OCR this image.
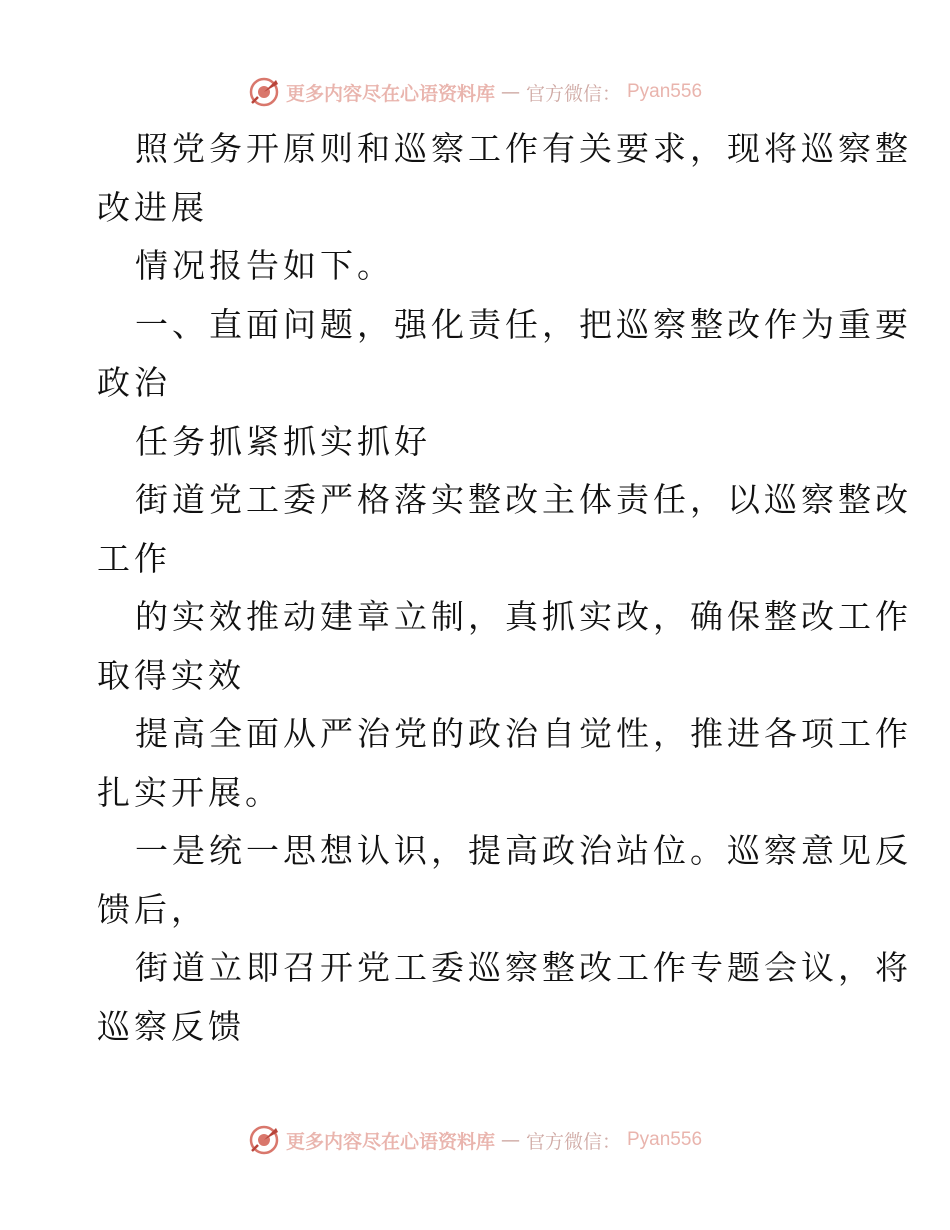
更多内容尽在心语资料库 — 官方微信： Pyan556
照党务开原则和巡察工作有关要求，现将巡察整
改进展
情况报告如下。
一、直面问题，强化责任，把巡察整改作为重要
政治
任务抓紧抓实抓好
街道党工委严格落实整改主体责任，以巡察整改
工作
的实效推动建章立制，真抓实改，确保整改工作
取得实效
提高全面从严治党的政治自觉性，推进各项工作
扎实开展。
一是统一思想认识，提高政治站位。巡察意见反
馈后，
街道立即召开党工委巡察整改工作专题会议，将
巡察反馈
更多内容尽在心语资料库 — 官方微信： Pyan556
